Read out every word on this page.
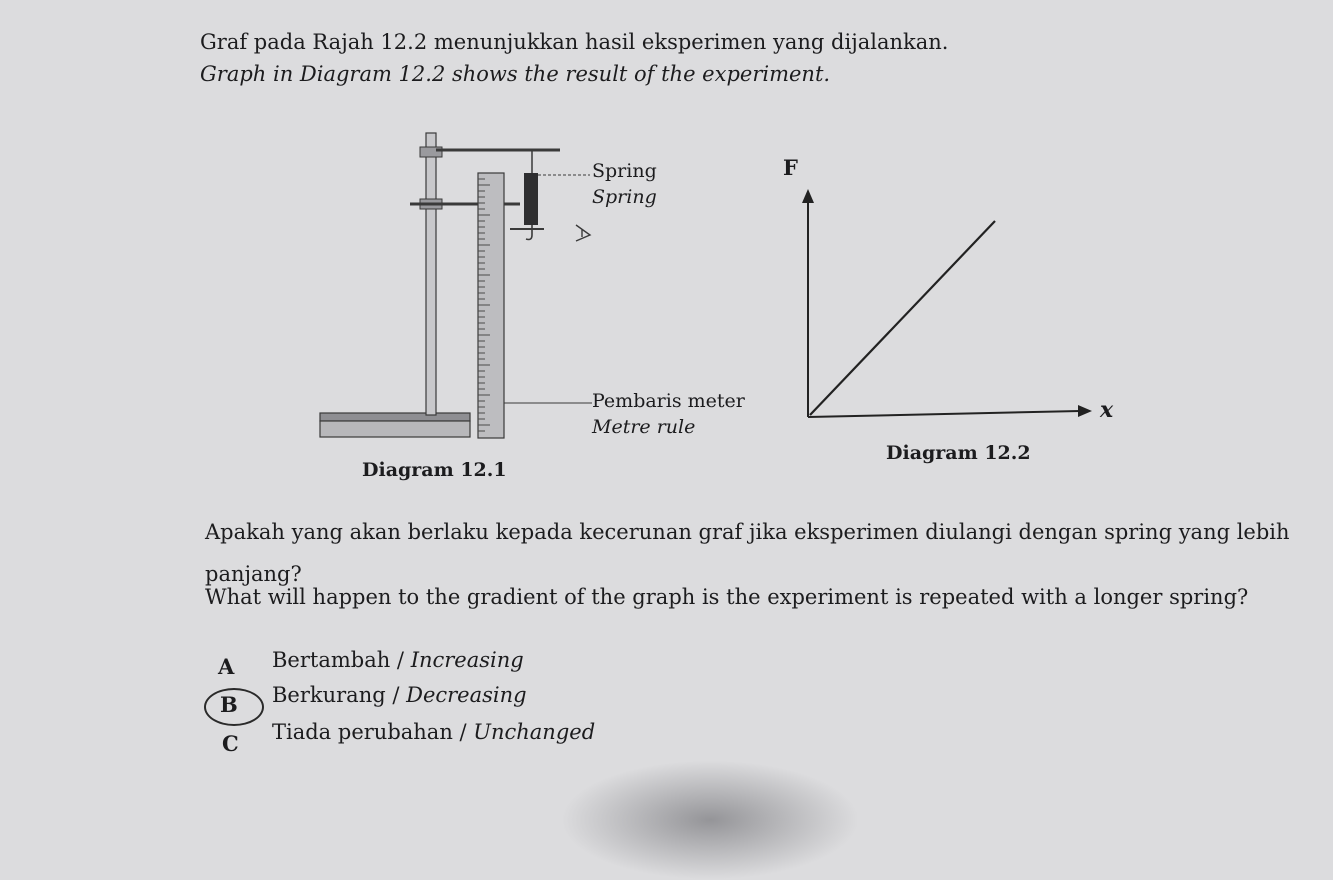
Graf pada Rajah 12.2 menunjukkan hasil eksperimen yang dijalankan.
Graph in Diagram 12.2 shows the result of the experiment.
Spring
Spring
Pembaris meter
Metre rule
Diagram 12.1
F
x
Diagram 12.2
Apakah yang akan berlaku kepada kecerunan graf jika eksperimen diulangi dengan spring yang lebih
panjang?
What will happen to the gradient of the graph is the experiment is repeated with a longer spring?
A Bertambah / Increasing
B Berkurang / Decreasing
C Tiada perubahan / Unchanged
